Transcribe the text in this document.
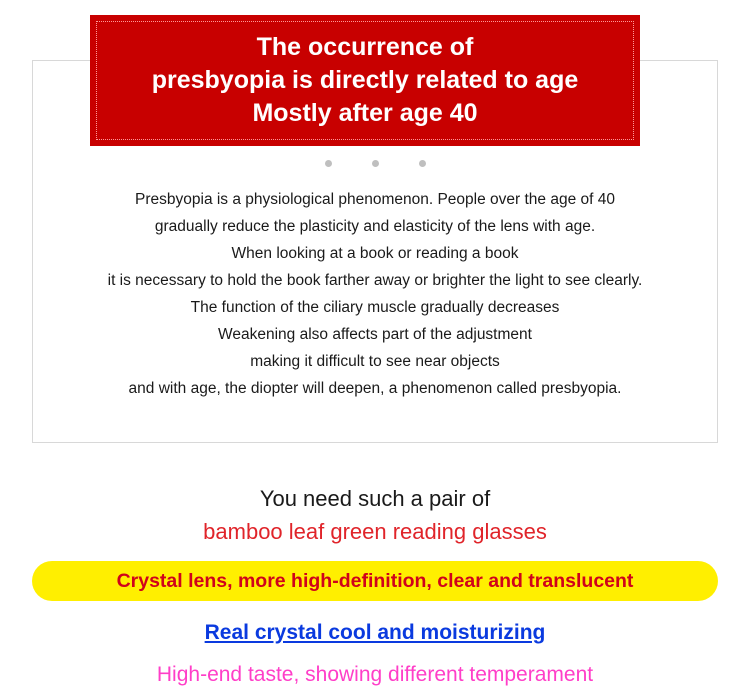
The occurrence of
presbyopia is directly related to age
Mostly after age 40

Presbyopia is a physiological phenomenon. People over the age of 40

gradually reduce the plasticity and elasticity of the lens with age.

When looking at a book or reading a book

it is necessary to hold the book farther away or brighter the light to see clearly.

The function of the ciliary muscle gradually decreases

Weakening also affects part of the adjustment

making it difficult to see near objects

and with age, the diopter will deepen, a phenomenon called presbyopia.

You need such a pair of
bamboo leaf green reading glasses
Crystal lens, more high-definition, clear and translucent
Real crystal cool and moisturizing
High-end taste, showing different temperament
